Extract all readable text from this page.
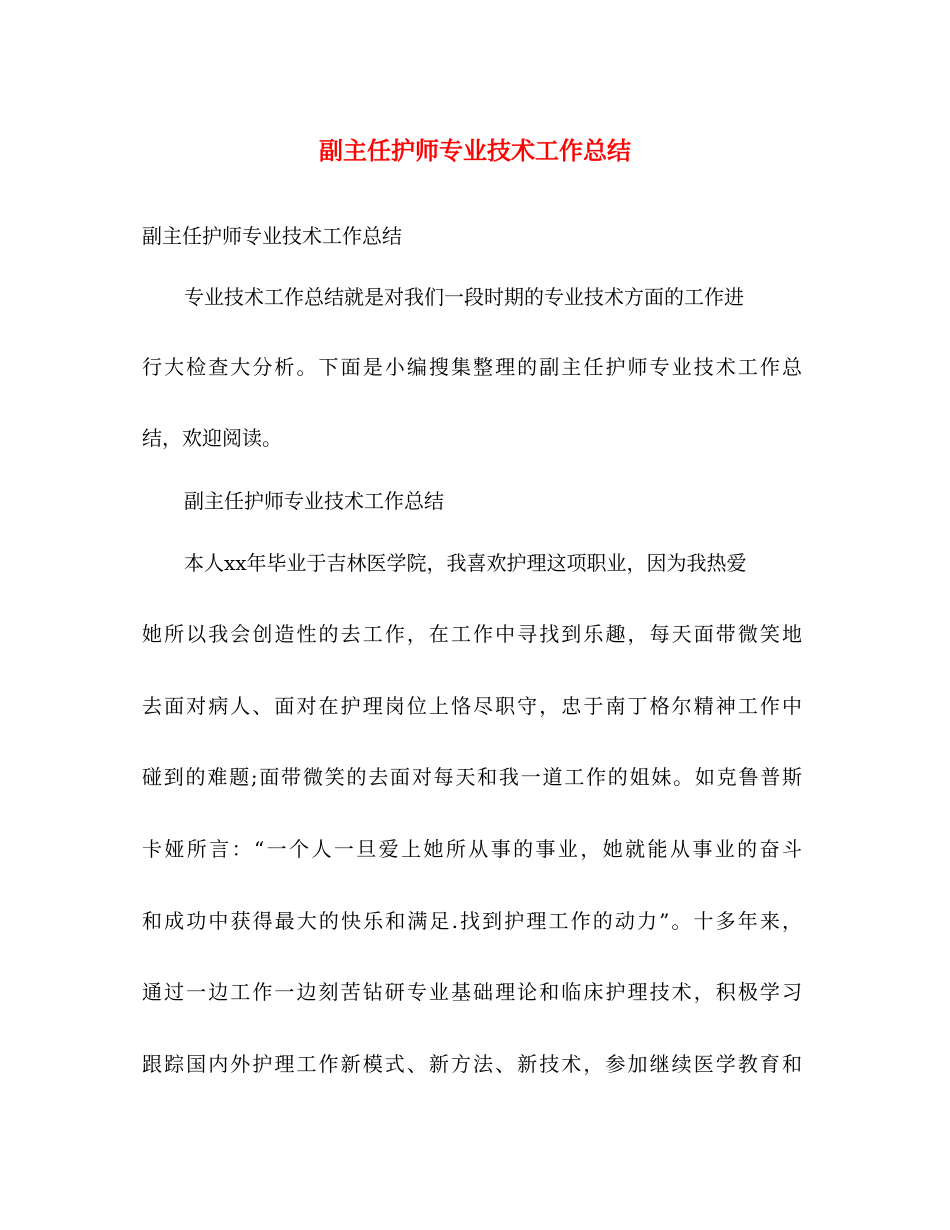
副主任护师专业技术工作总结
副主任护师专业技术工作总结
专业技术工作总结就是对我们一段时期的专业技术方面的工作进
行大检查大分析。下面是小编搜集整理的副主任护师专业技术工作总
结，欢迎阅读。
副主任护师专业技术工作总结
本人xx年毕业于吉林医学院，我喜欢护理这项职业，因为我热爱
她所以我会创造性的去工作，在工作中寻找到乐趣，每天面带微笑地
去面对病人、面对在护理岗位上恪尽职守，忠于南丁格尔精神工作中
碰到的难题;面带微笑的去面对每天和我一道工作的姐妹。如克鲁普斯
卡娅所言：“一个人一旦爱上她所从事的事业，她就能从事业的奋斗
和成功中获得最大的快乐和满足.找到护理工作的动力”。十多年来，
通过一边工作一边刻苦钻研专业基础理论和临床护理技术，积极学习
跟踪国内外护理工作新模式、新方法、新技术，参加继续医学教育和
